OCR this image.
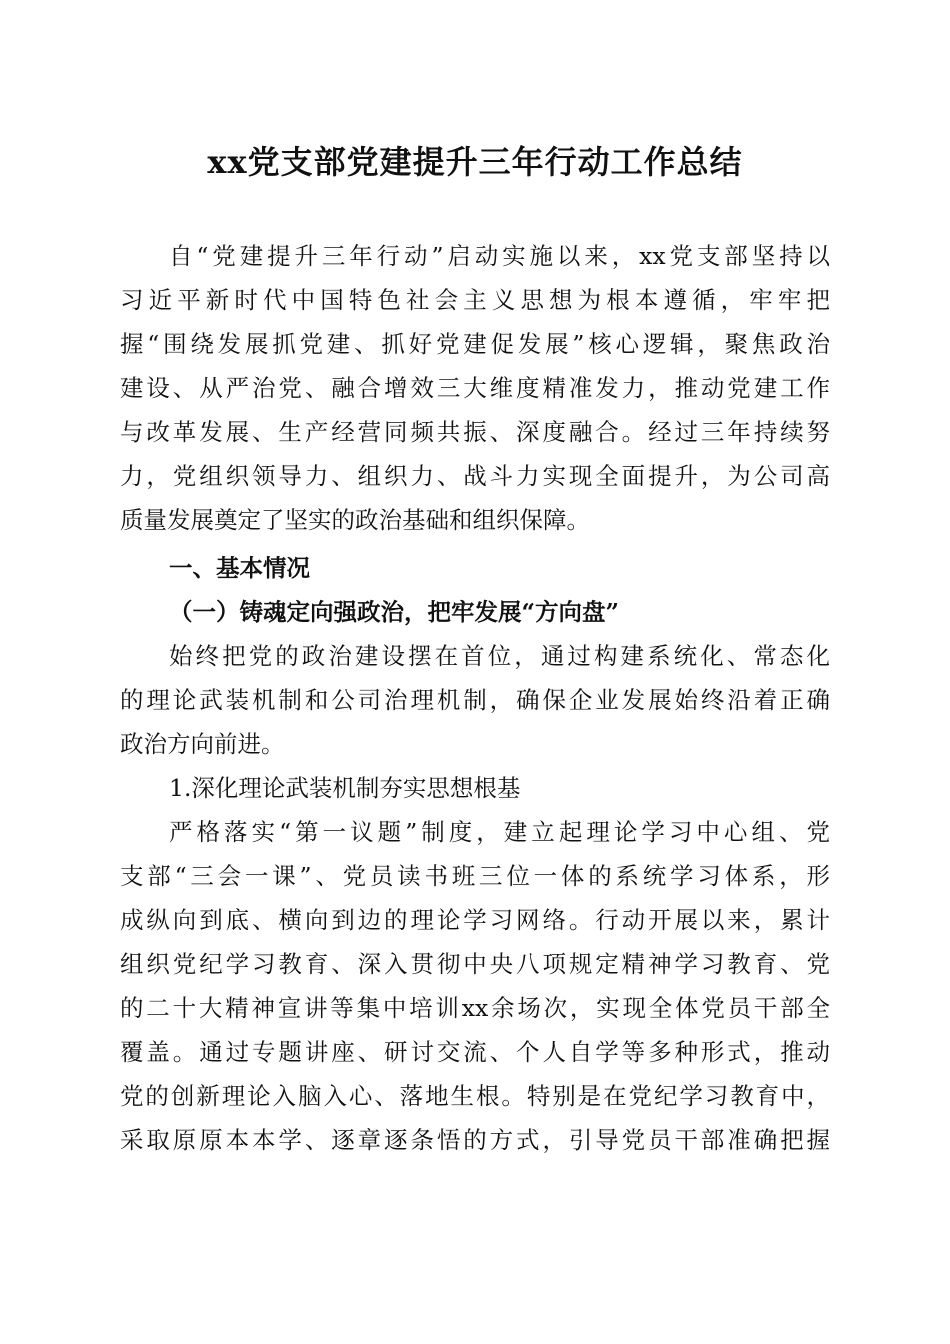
xx党支部党建提升三年行动工作总结
自“党建提升三年行动”启动实施以来，xx党支部坚持以
习近平新时代中国特色社会主义思想为根本遵循，牢牢把
握“围绕发展抓党建、抓好党建促发展”核心逻辑，聚焦政治
建设、从严治党、融合增效三大维度精准发力，推动党建工作
与改革发展、生产经营同频共振、深度融合。经过三年持续努
力，党组织领导力、组织力、战斗力实现全面提升，为公司高
质量发展奠定了坚实的政治基础和组织保障。
一、基本情况
（一）铸魂定向强政治，把牢发展“方向盘”
始终把党的政治建设摆在首位，通过构建系统化、常态化
的理论武装机制和公司治理机制，确保企业发展始终沿着正确
政治方向前进。
1.深化理论武装机制夯实思想根基
严格落实“第一议题”制度，建立起理论学习中心组、党
支部“三会一课”、党员读书班三位一体的系统学习体系，形
成纵向到底、横向到边的理论学习网络。行动开展以来，累计
组织党纪学习教育、深入贯彻中央八项规定精神学习教育、党
的二十大精神宣讲等集中培训xx余场次，实现全体党员干部全
覆盖。通过专题讲座、研讨交流、个人自学等多种形式，推动
党的创新理论入脑入心、落地生根。特别是在党纪学习教育中，
采取原原本本学、逐章逐条悟的方式，引导党员干部准确把握
